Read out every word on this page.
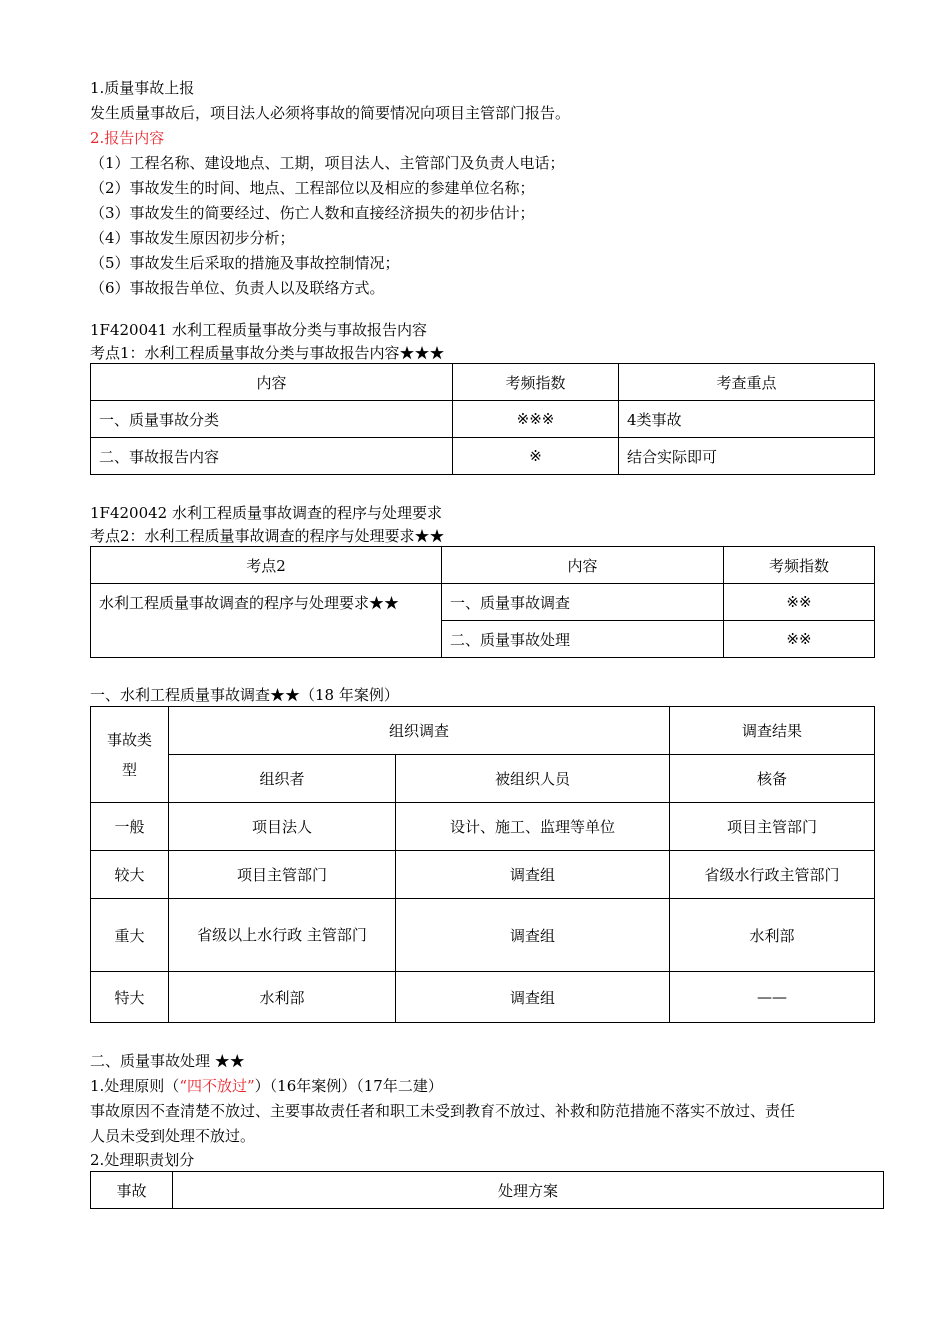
1.质量事故上报
发生质量事故后，项目法人必须将事故的简要情况向项目主管部门报告。
2.报告内容
（1）工程名称、建设地点、工期，项目法人、主管部门及负责人电话；
（2）事故发生的时间、地点、工程部位以及相应的参建单位名称；
（3）事故发生的简要经过、伤亡人数和直接经济损失的初步估计；
（4）事故发生原因初步分析；
（5）事故发生后采取的措施及事故控制情况；
（6）事故报告单位、负责人以及联络方式。
1F420041 水利工程质量事故分类与事故报告内容
考点1：水利工程质量事故分类与事故报告内容★★★
内容	考频指数	考查重点
一、质量事故分类	※※※	4类事故
二、事故报告内容	※	结合实际即可
1F420042 水利工程质量事故调查的程序与处理要求
考点2：水利工程质量事故调查的程序与处理要求★★
考点2	内容	考频指数
水利工程质量事故调查的程序与处理要求★★	一、质量事故调查	※※
	二、质量事故处理	※※
一、水利工程质量事故调查★★（18 年案例）
事故类型	组织调查		调查结果
	组织者	被组织人员	核备
一般	项目法人	设计、施工、监理等单位	项目主管部门
较大	项目主管部门	调查组	省级水行政主管部门
重大	省级以上水行政 主管部门	调查组	水利部
特大	水利部	调查组	——
二、质量事故处理 ★★
1.处理原则（“四不放过”）（16年案例）（17年二建）
事故原因不查清楚不放过、主要事故责任者和职工未受到教育不放过、补救和防范措施不落实不放过、责任
人员未受到处理不放过。
2.处理职责划分
事故	处理方案
